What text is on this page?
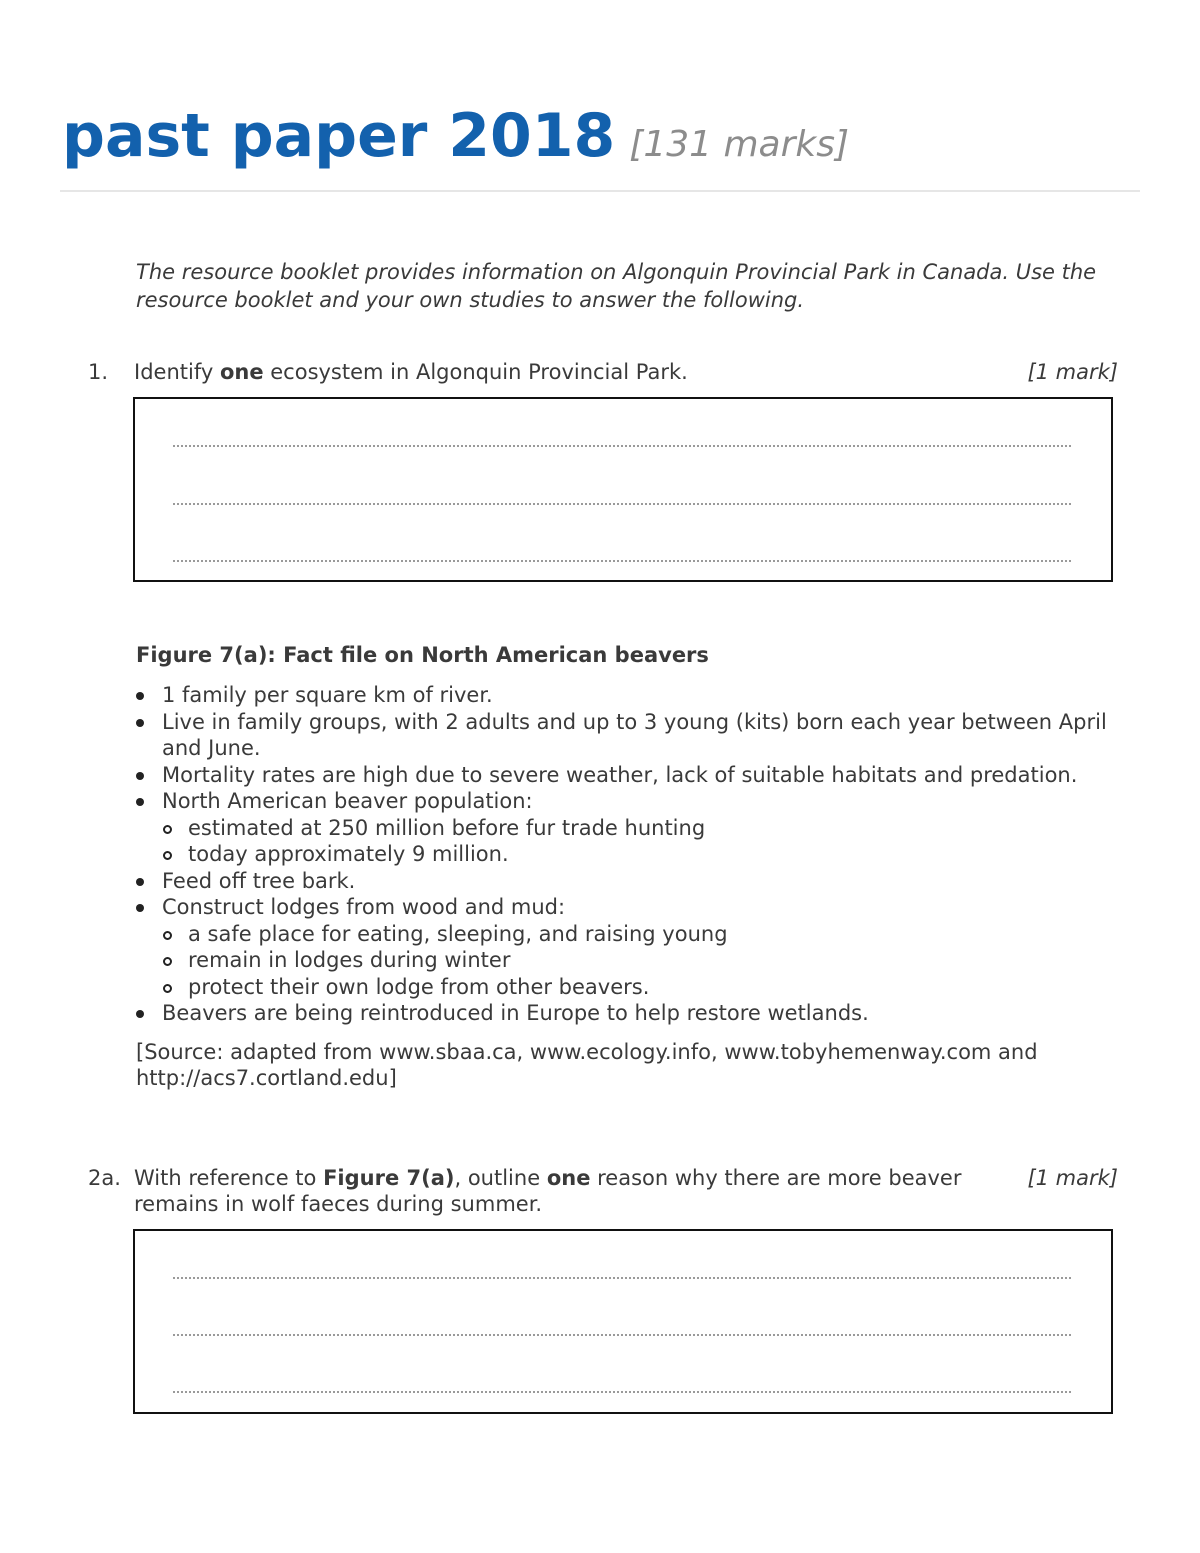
past paper 2018 [131 marks]
The resource booklet provides information on Algonquin Provincial Park in Canada. Use the resource booklet and your own studies to answer the following.
1. Identify one ecosystem in Algonquin Provincial Park.	[1 mark]
Figure 7(a): Fact file on North American beavers
1 family per square km of river.
Live in family groups, with 2 adults and up to 3 young (kits) born each year between April and June.
Mortality rates are high due to severe weather, lack of suitable habitats and predation.
North American beaver population:
estimated at 250 million before fur trade hunting
today approximately 9 million.
Feed off tree bark.
Construct lodges from wood and mud:
a safe place for eating, sleeping, and raising young
remain in lodges during winter
protect their own lodge from other beavers.
Beavers are being reintroduced in Europe to help restore wetlands.
[Source: adapted from www.sbaa.ca, www.ecology.info, www.tobyhemenway.com and http://acs7.cortland.edu]
2a. With reference to Figure 7(a), outline one reason why there are more beaver remains in wolf faeces during summer.
[1 mark]
